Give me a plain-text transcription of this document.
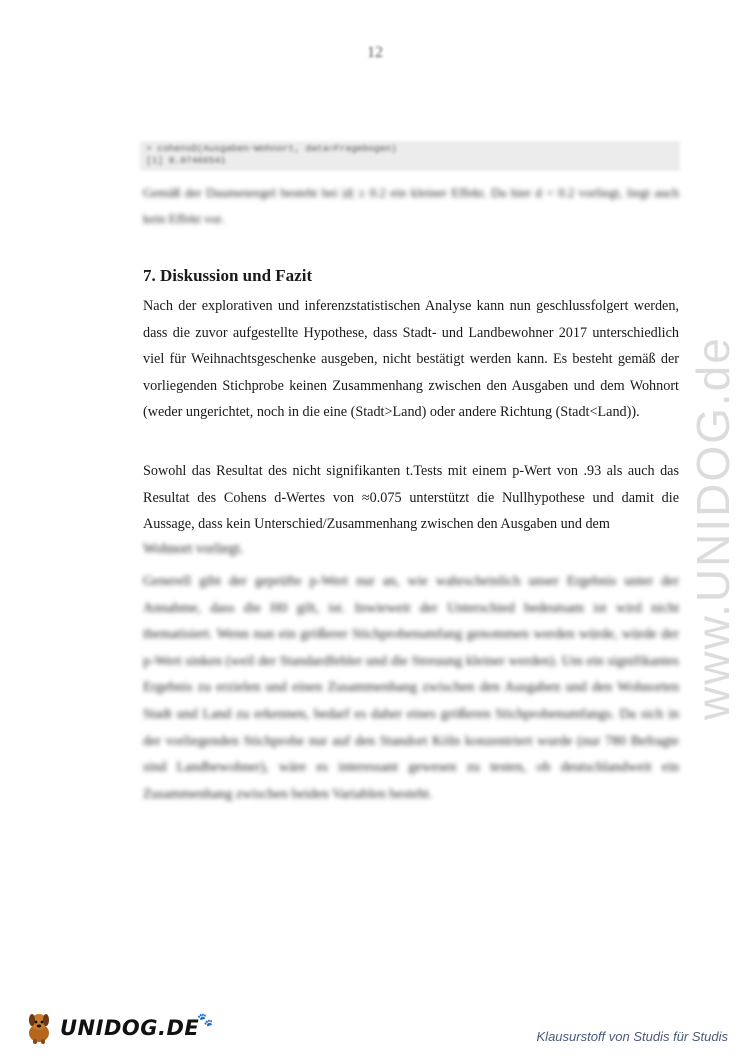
12
> cohensD(Ausgaben~Wohnort, data=Fragebogen)
[1] 0.07466541
Gemäß der Daumenregel besteht bei |d| ≥ 0.2 ein kleiner Effekt. Da hier d < 0.2 vorliegt, liegt auch kein Effekt vor.
7. Diskussion und Fazit

Nach der explorativen und inferenzstatistischen Analyse kann nun geschlussfolgert werden, dass die zuvor aufgestellte Hypothese, dass Stadt- und Landbewohner 2017 unterschiedlich viel für Weihnachtsgeschenke ausgeben, nicht bestätigt werden kann. Es besteht gemäß der vorliegenden Stichprobe keinen Zusammenhang zwischen den Ausgaben und dem Wohnort (weder ungerichtet, noch in die eine (Stadt>Land) oder andere Richtung (Stadt<Land)).

Sowohl das Resultat des nicht signifikanten t.Tests mit einem p-Wert von .93 als auch das Resultat des Cohens d-Wertes von ≈0.075 unterstützt die Nullhypothese und damit die Aussage, dass kein Unterschied/Zusammenhang zwischen den Ausgaben und dem

Wohnort vorliegt.
Generell gibt der geprüfte p-Wert nur an, wie wahrscheinlich unser Ergebnis unter der Annahme, dass die H0 gilt, ist. Inwieweit der Unterschied bedeutsam ist wird nicht thematisiert. Wenn nun ein größerer Stichprobenumfang genommen werden würde, würde der p-Wert sinken (weil der Standardfehler und die Streuung kleiner werden). Um ein signifikantes Ergebnis zu erzielen und einen Zusammenhang zwischen den Ausgaben und den Wohnorten Stadt und Land zu erkennen, bedarf es daher eines größeren Stichprobenumfangs. Da sich in der vorliegenden Stichprobe nur auf den Standort Köln konzentriert wurde (nur 780 Befragte sind Landbewohner), wäre es interessant gewesen zu testen, ob deutschlandweit ein Zusammenhang zwischen beiden Variablen besteht.
www.UNIDOG.de
UNIDOG.DE
🐾
Klausurstoff von Studis für Studis
